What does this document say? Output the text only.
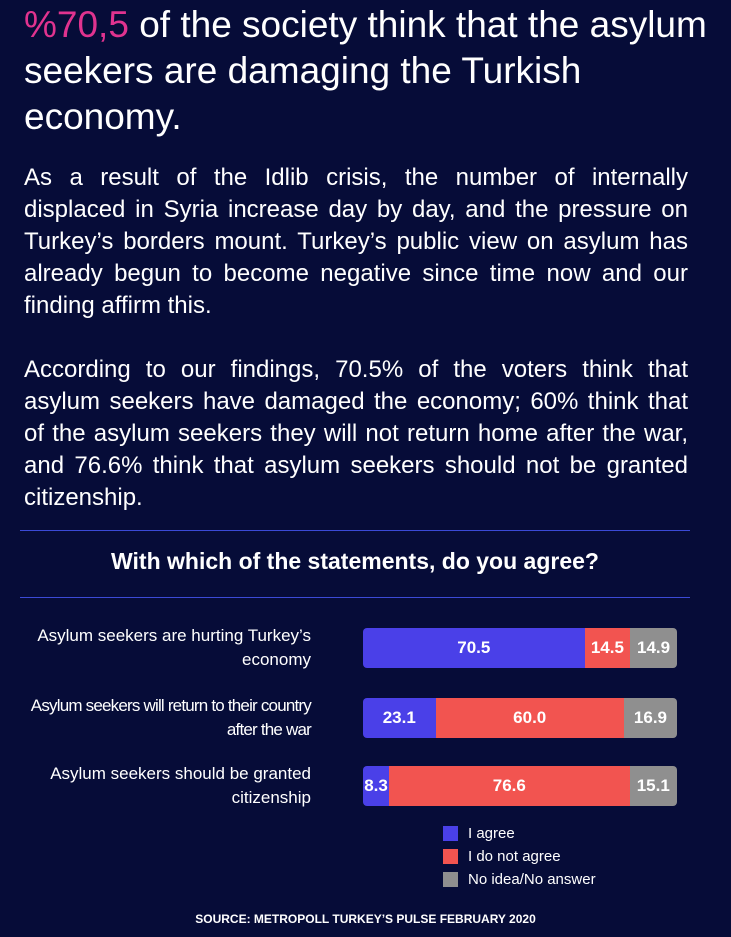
%70,5 of the society think that the asylum seekers are damaging the Turkish economy.

As a result of the Idlib crisis, the number of internally displaced in Syria increase day by day, and the pressure on Turkey’s borders mount. Turkey’s public view on asylum has already begun to become negative since time now and our finding affirm this.

According to our findings, 70.5% of the voters think that asylum seekers have damaged the economy; 60% think that of the asylum seekers they will not return home after the war, and 76.6% think that asylum seekers should not be granted citizenship.

With which of the statements, do you agree?

Asylum seekers are hurting Turkey’s economy
70.5	14.5 14.9
Asylum seekers will return to their country after the war
23.1	60.0	16.9
Asylum seekers should be granted citizenship
8.3	76.6	15.1
I agree
I do not agree
No idea/No answer
SOURCE: METROPOLL TURKEY’S PULSE FEBRUARY 2020
